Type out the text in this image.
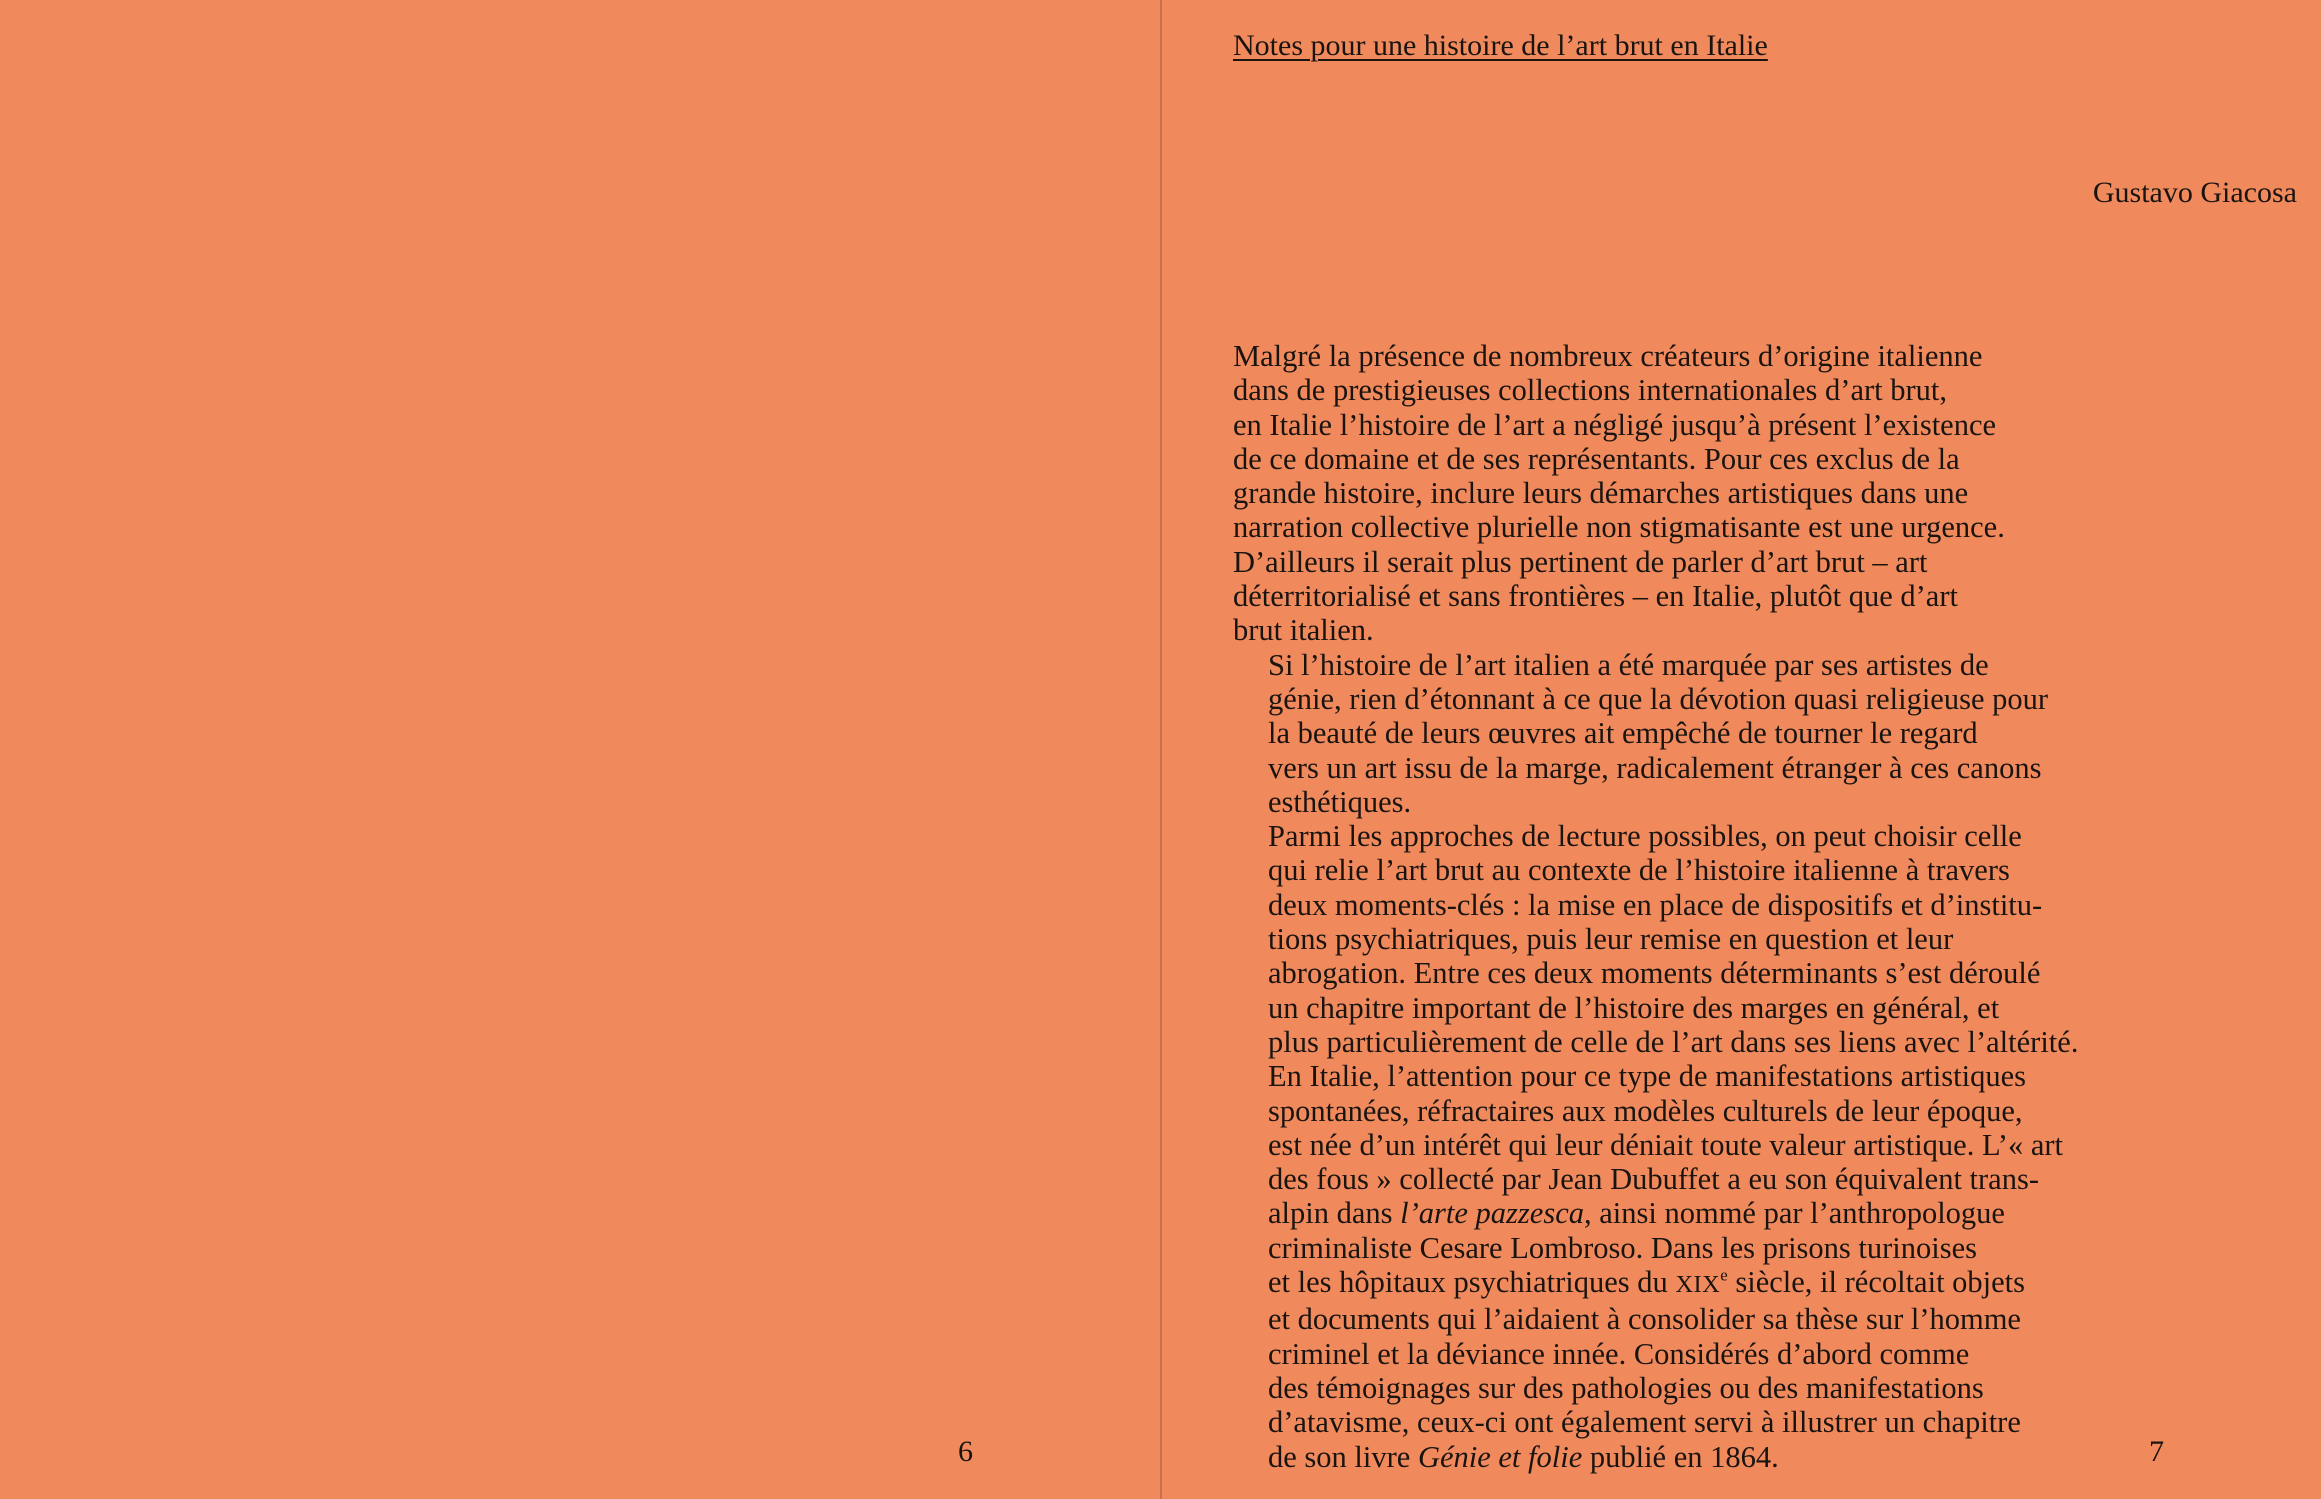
6
Notes pour une histoire de l’art brut en Italie
Gustavo Giacosa

Malgré la présence de nombreux créateurs d’origine italienne
dans de prestigieuses collections internationales d’art brut,
en Italie l’histoire de l’art a négligé jusqu’à présent l’existence
de ce domaine et de ses représentants. Pour ces exclus de la
grande histoire, inclure leurs démarches artistiques dans une
narration collective plurielle non stigmatisante est une urgence.
D’ailleurs il serait plus pertinent de parler d’art brut – art
déterritorialisé et sans frontières – en Italie, plutôt que d’art
brut italien.

Si l’histoire de l’art italien a été marquée par ses artistes de
génie, rien d’étonnant à ce que la dévotion quasi religieuse pour
la beauté de leurs œuvres ait empêché de tourner le regard
vers un art issu de la marge, radicalement étranger à ces canons
esthétiques.

Parmi les approches de lecture possibles, on peut choisir celle
qui relie l’art brut au contexte de l’histoire italienne à travers
deux moments-clés : la mise en place de dispositifs et d’institu-
tions psychiatriques, puis leur remise en question et leur
abrogation. Entre ces deux moments déterminants s’est déroulé
un chapitre important de l’histoire des marges en général, et
plus particulièrement de celle de l’art dans ses liens avec l’altérité.

En Italie, l’attention pour ce type de manifestations artistiques
spontanées, réfractaires aux modèles culturels de leur époque,
est née d’un intérêt qui leur déniait toute valeur artistique. L’« art
des fous » collecté par Jean Dubuffet a eu son équivalent trans-
alpin dans l’arte pazzesca, ainsi nommé par l’anthropologue
criminaliste Cesare Lombroso. Dans les prisons turinoises
et les hôpitaux psychiatriques du XIXe siècle, il récoltait objets
et documents qui l’aidaient à consolider sa thèse sur l’homme
criminel et la déviance innée. Considérés d’abord comme
des témoignages sur des pathologies ou des manifestations
d’atavisme, ceux-ci ont également servi à illustrer un chapitre
de son livre Génie et folie publié en 1864.	7
